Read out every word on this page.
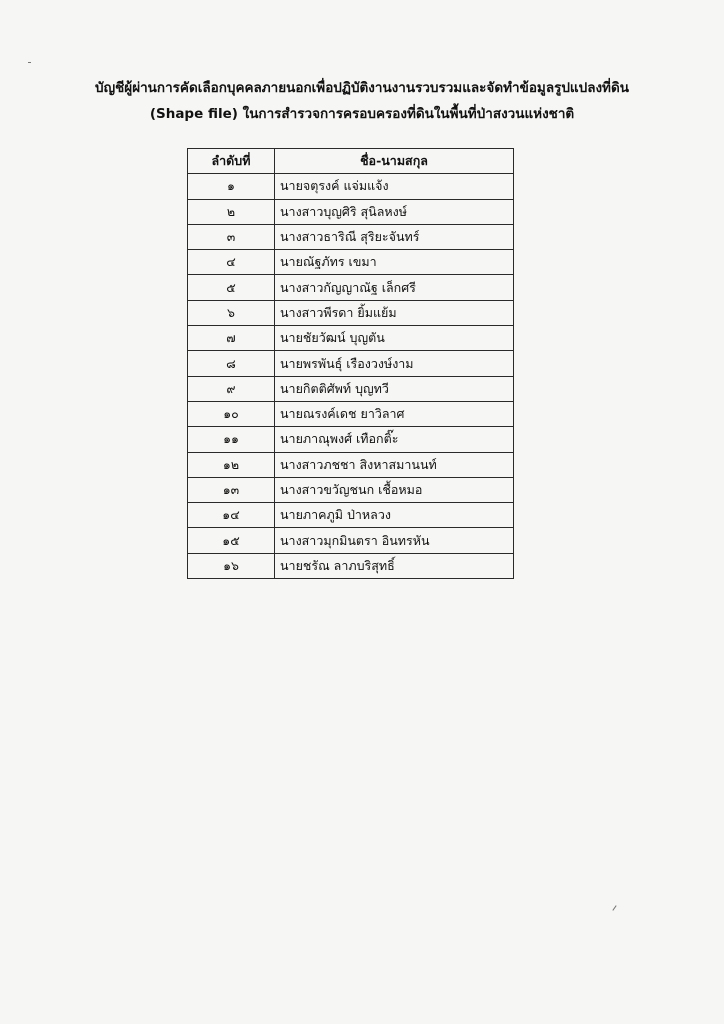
บัญชีผู้ผ่านการคัดเลือกบุคคลภายนอกเพื่อปฏิบัติงานงานรวบรวมและจัดทำข้อมูลรูปแปลงที่ดิน
(Shape file) ในการสำรวจการครอบครองที่ดินในพื้นที่ป่าสงวนแห่งชาติ
ลำดับที่	ชื่อ-นามสกุล
๑	นายจตุรงค์ แจ่มแจ้ง
๒	นางสาวบุญศิริ สุนิลหงษ์
๓	นางสาวธาริณี สุริยะจันทร์
๔	นายณัฐภัทร เขมา
๕	นางสาวกัญญาณัฐ เล็กศรี
๖	นางสาวพีรดา ยิ้มแย้ม
๗	นายชัยวัฒน์ บุญตัน
๘	นายพรพันธุ์ เรืองวงษ์งาม
๙	นายกิตติศัพท์ บุญทวี
๑๐	นายณรงค์เดช ยาวิลาศ
๑๑	นายภาณุพงศ์ เทือกติ๊ะ
๑๒	นางสาวภชชา สิงหาสมานนท์
๑๓	นางสาวขวัญชนก เชื้อหมอ
๑๔	นายภาคภูมิ ป่าหลวง
๑๕	นางสาวมุกมินตรา อินทรหัน
๑๖	นายชรัณ ลาภบริสุทธิ์
